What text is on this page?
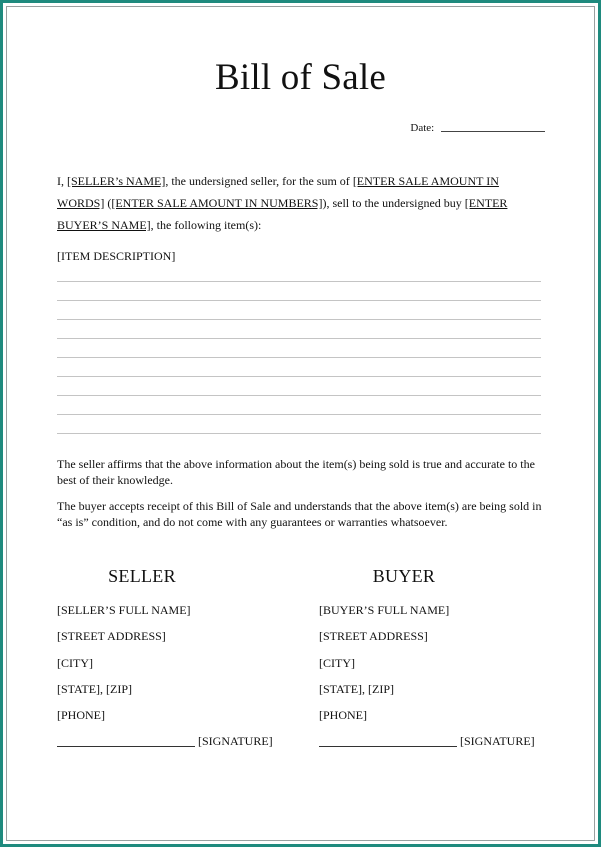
Bill of Sale
Date:

I, [SELLER’s NAME], the undersigned seller, for the sum of [ENTER SALE AMOUNT IN WORDS] ([ENTER SALE AMOUNT IN NUMBERS]), sell to the undersigned buy [ENTER BUYER’S NAME], the following item(s):

[ITEM DESCRIPTION]

The seller affirms that the above information about the item(s) being sold is true and accurate to the best of their knowledge.

The buyer accepts receipt of this Bill of Sale and understands that the above item(s) are being sold in “as is” condition, and do not come with any guarantees or warranties whatsoever.

SELLER
[SELLER’S FULL NAME]
[STREET ADDRESS]
[CITY]
[STATE], [ZIP]
[PHONE]
[SIGNATURE]
BUYER
[BUYER’S FULL NAME]
[STREET ADDRESS]
[CITY]
[STATE], [ZIP]
[PHONE]
[SIGNATURE]
